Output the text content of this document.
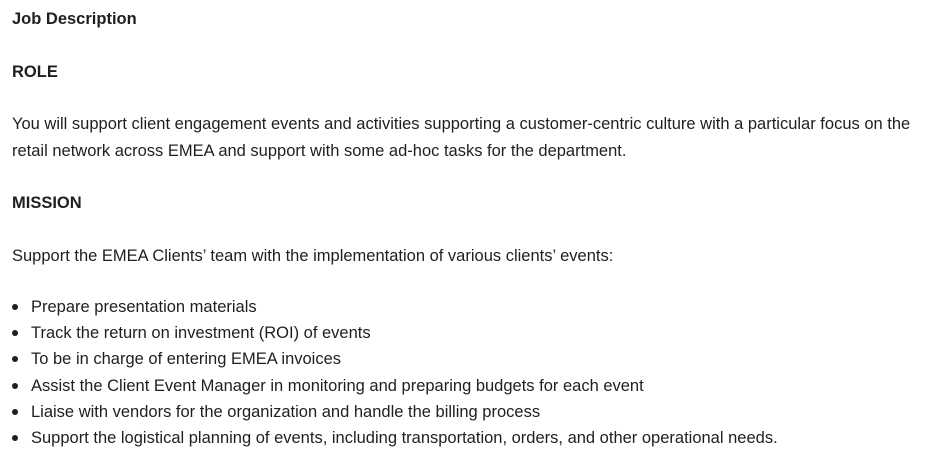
Job Description
ROLE
You will support client engagement events and activities supporting a customer-centric culture with a particular focus on the retail network across EMEA and support with some ad-hoc tasks for the department.
MISSION
Support the EMEA Clients’ team with the implementation of various clients’ events:
Prepare presentation materials
Track the return on investment (ROI) of events
To be in charge of entering EMEA invoices
Assist the Client Event Manager in monitoring and preparing budgets for each event
Liaise with vendors for the organization and handle the billing process
Support the logistical planning of events, including transportation, orders, and other operational needs.
